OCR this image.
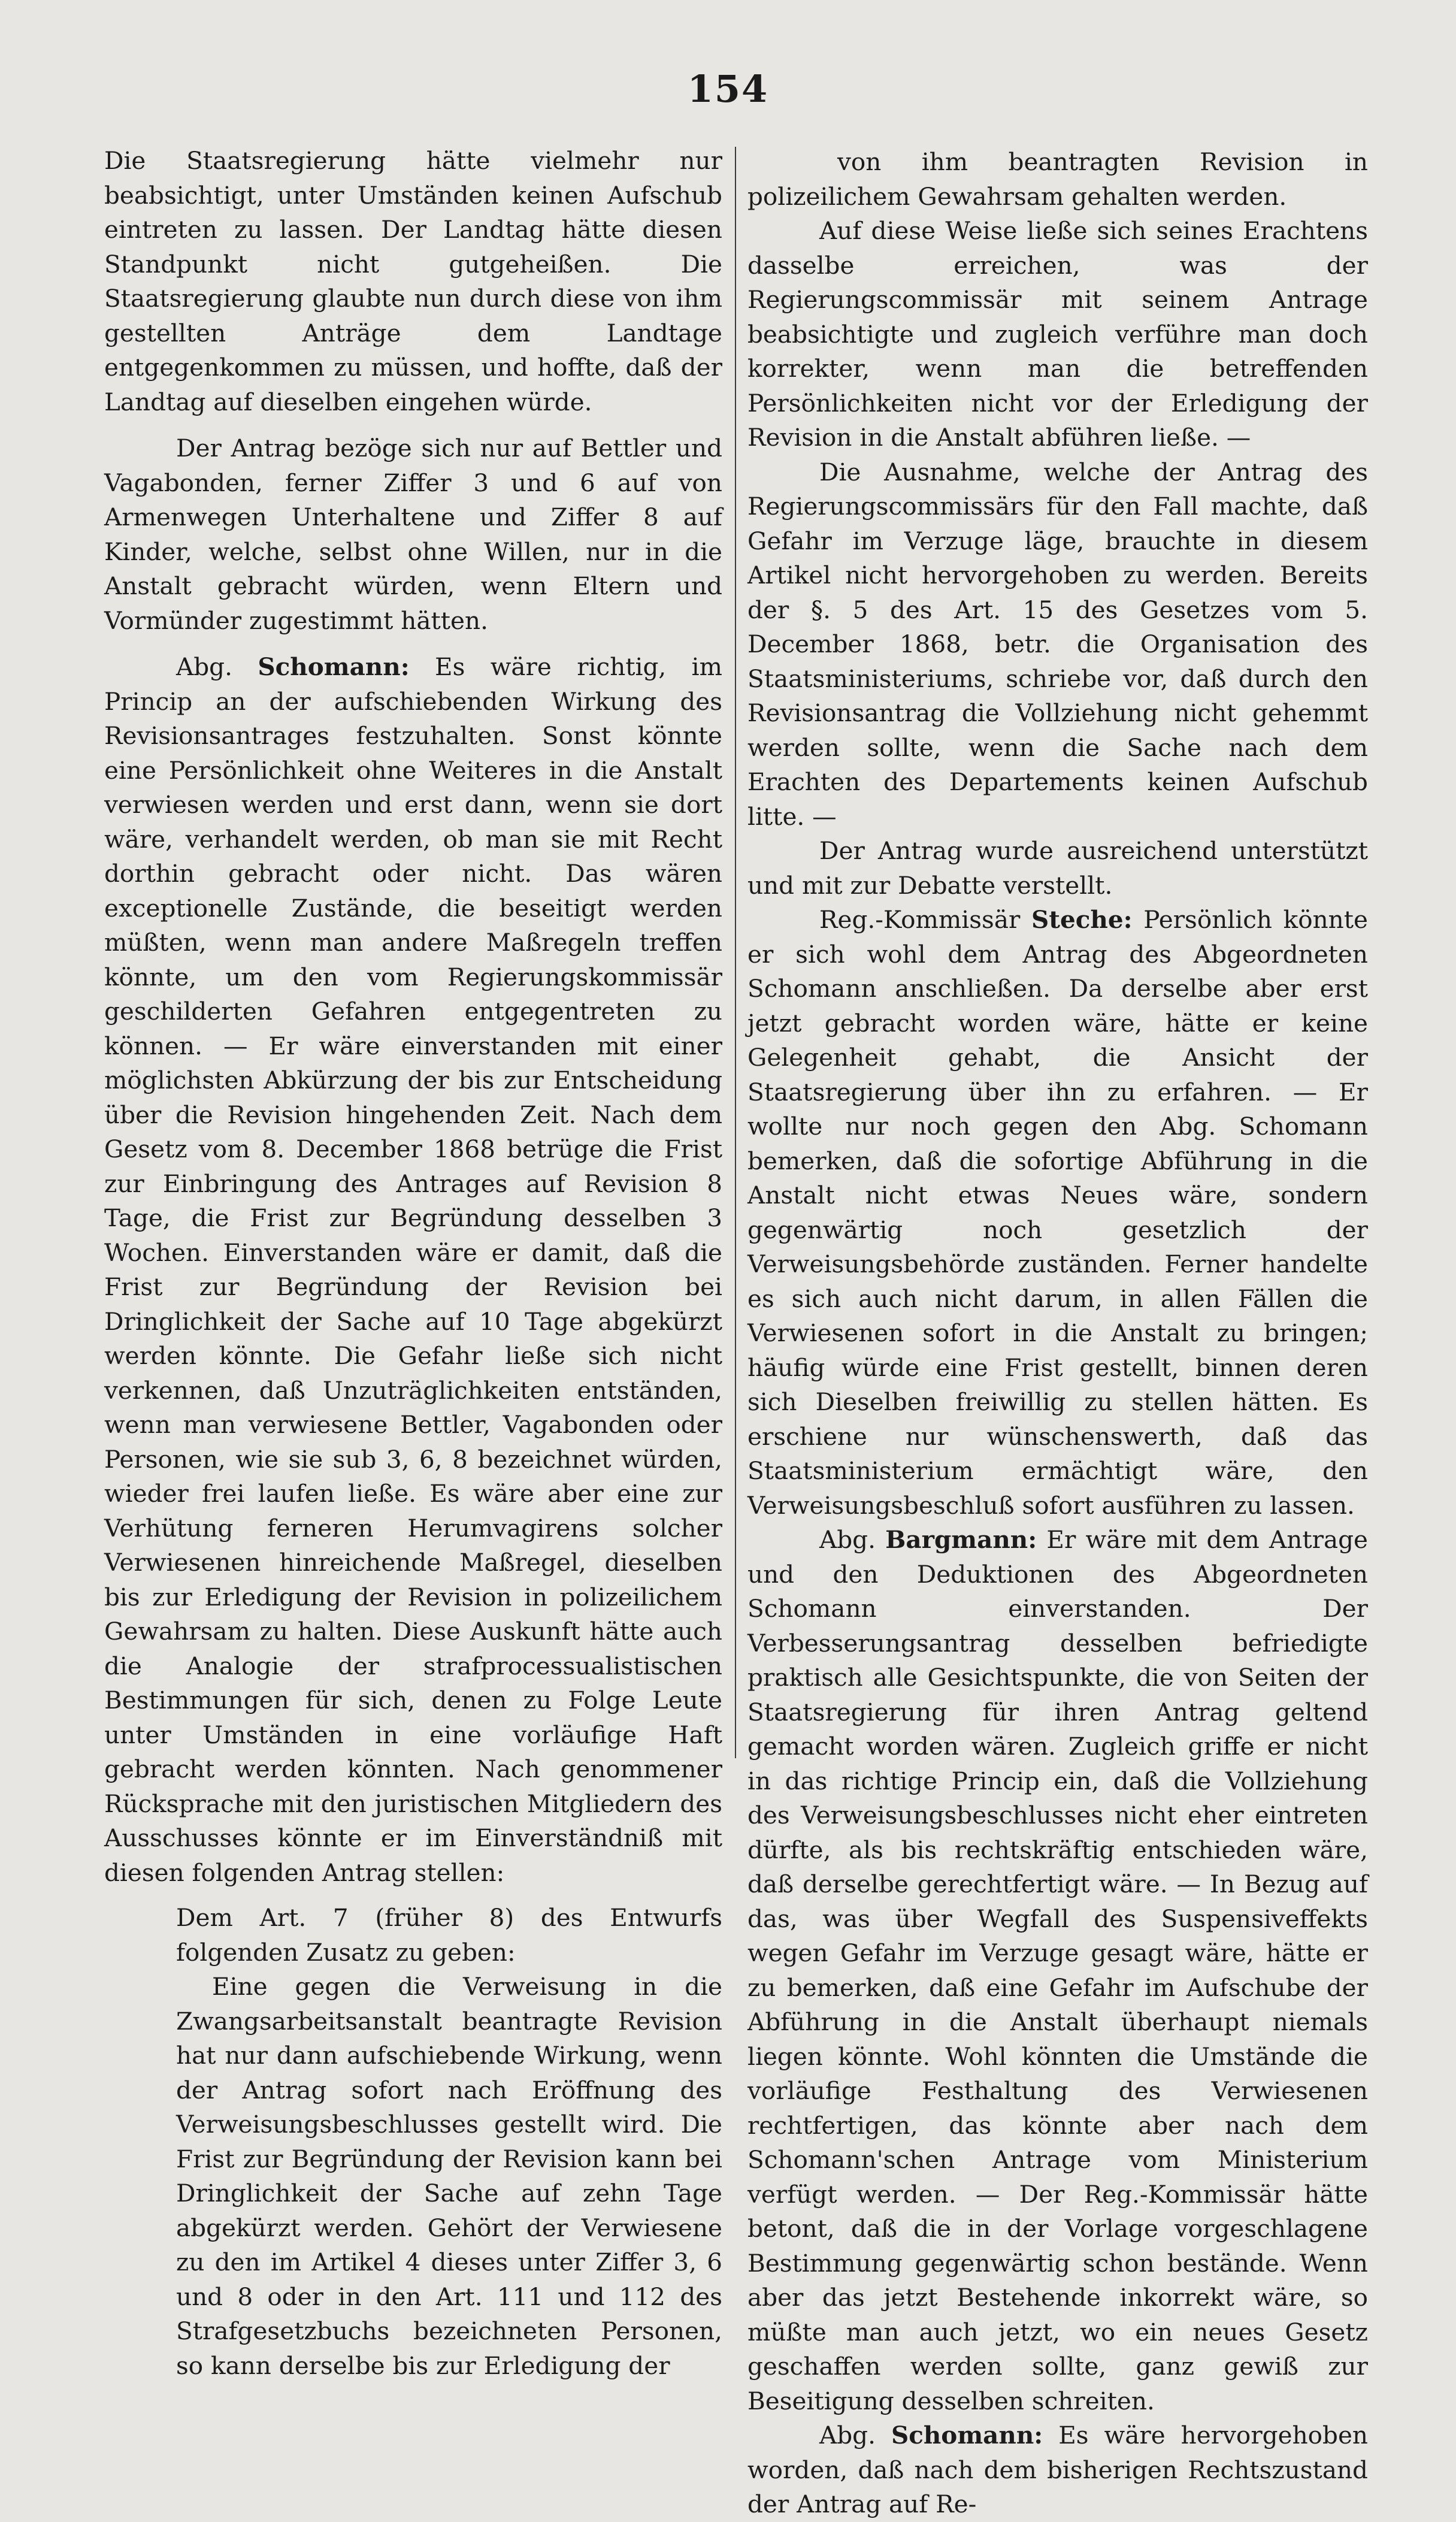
154

Die Staatsregierung hätte vielmehr nur beabsichtigt, unter Umständen keinen Aufschub eintreten zu lassen. Der Landtag hätte diesen Standpunkt nicht gutgeheißen. Die Staatsregierung glaubte nun durch diese von ihm gestellten Anträge dem Landtage entgegenkommen zu müssen, und hoffte, daß der Landtag auf dieselben eingehen würde.

Der Antrag bezöge sich nur auf Bettler und Vagabonden, ferner Ziffer 3 und 6 auf von Armenwegen Unterhaltene und Ziffer 8 auf Kinder, welche, selbst ohne Willen, nur in die Anstalt gebracht würden, wenn Eltern und Vormünder zugestimmt hätten.

Abg. Schomann: Es wäre richtig, im Princip an der aufschiebenden Wirkung des Revisionsantrages festzuhalten. Sonst könnte eine Persönlichkeit ohne Weiteres in die Anstalt verwiesen werden und erst dann, wenn sie dort wäre, verhandelt werden, ob man sie mit Recht dorthin gebracht oder nicht. Das wären exceptionelle Zustände, die beseitigt werden müßten, wenn man andere Maßregeln treffen könnte, um den vom Regierungskommissär geschilderten Gefahren entgegentreten zu können. — Er wäre einverstanden mit einer möglichsten Abkürzung der bis zur Entscheidung über die Revision hingehenden Zeit. Nach dem Gesetz vom 8. December 1868 betrüge die Frist zur Einbringung des Antrages auf Revision 8 Tage, die Frist zur Begründung desselben 3 Wochen. Einverstanden wäre er damit, daß die Frist zur Begründung der Revision bei Dringlichkeit der Sache auf 10 Tage abgekürzt werden könnte. Die Gefahr ließe sich nicht verkennen, daß Unzuträglichkeiten entständen, wenn man verwiesene Bettler, Vagabonden oder Personen, wie sie sub 3, 6, 8 bezeichnet würden, wieder frei laufen ließe. Es wäre aber eine zur Verhütung ferneren Herumvagirens solcher Verwiesenen hinreichende Maßregel, dieselben bis zur Erledigung der Revision in polizeilichem Gewahrsam zu halten. Diese Auskunft hätte auch die Analogie der strafprocessualistischen Bestimmungen für sich, denen zu Folge Leute unter Umständen in eine vorläufige Haft gebracht werden könnten. Nach genommener Rücksprache mit den juristischen Mitgliedern des Ausschusses könnte er im Einverständniß mit diesen folgenden Antrag stellen:

Dem Art. 7 (früher 8) des Entwurfs folgenden Zusatz zu geben:

Eine gegen die Verweisung in die Zwangsarbeitsanstalt beantragte Revision hat nur dann aufschiebende Wirkung, wenn der Antrag sofort nach Eröffnung des Verweisungsbeschlusses gestellt wird. Die Frist zur Begründung der Revision kann bei Dringlichkeit der Sache auf zehn Tage abgekürzt werden. Gehört der Verwiesene zu den im Artikel 4 dieses unter Ziffer 3, 6 und 8 oder in den Art. 111 und 112 des Strafgesetzbuchs bezeichneten Personen, so kann derselbe bis zur Erledigung der

von ihm beantragten Revision in polizeilichem Gewahrsam gehalten werden.

Auf diese Weise ließe sich seines Erachtens dasselbe erreichen, was der Regierungscommissär mit seinem Antrage beabsichtigte und zugleich verführe man doch korrekter, wenn man die betreffenden Persönlichkeiten nicht vor der Erledigung der Revision in die Anstalt abführen ließe. —

Die Ausnahme, welche der Antrag des Regierungscommissärs für den Fall machte, daß Gefahr im Verzuge läge, brauchte in diesem Artikel nicht hervorgehoben zu werden. Bereits der §. 5 des Art. 15 des Gesetzes vom 5. December 1868, betr. die Organisation des Staatsministeriums, schriebe vor, daß durch den Revisionsantrag die Vollziehung nicht gehemmt werden sollte, wenn die Sache nach dem Erachten des Departements keinen Aufschub litte. —

Der Antrag wurde ausreichend unterstützt und mit zur Debatte verstellt.

Reg.-Kommissär Steche: Persönlich könnte er sich wohl dem Antrag des Abgeordneten Schomann anschließen. Da derselbe aber erst jetzt gebracht worden wäre, hätte er keine Gelegenheit gehabt, die Ansicht der Staatsregierung über ihn zu erfahren. — Er wollte nur noch gegen den Abg. Schomann bemerken, daß die sofortige Abführung in die Anstalt nicht etwas Neues wäre, sondern gegenwärtig noch gesetzlich der Verweisungsbehörde zuständen. Ferner handelte es sich auch nicht darum, in allen Fällen die Verwiesenen sofort in die Anstalt zu bringen; häufig würde eine Frist gestellt, binnen deren sich Dieselben freiwillig zu stellen hätten. Es erschiene nur wünschenswerth, daß das Staatsministerium ermächtigt wäre, den Verweisungsbeschluß sofort ausführen zu lassen.

Abg. Bargmann: Er wäre mit dem Antrage und den Deduktionen des Abgeordneten Schomann einverstanden. Der Verbesserungsantrag desselben befriedigte praktisch alle Gesichtspunkte, die von Seiten der Staatsregierung für ihren Antrag geltend gemacht worden wären. Zugleich griffe er nicht in das richtige Princip ein, daß die Vollziehung des Verweisungsbeschlusses nicht eher eintreten dürfte, als bis rechtskräftig entschieden wäre, daß derselbe gerechtfertigt wäre. — In Bezug auf das, was über Wegfall des Suspensiveffekts wegen Gefahr im Verzuge gesagt wäre, hätte er zu bemerken, daß eine Gefahr im Aufschube der Abführung in die Anstalt überhaupt niemals liegen könnte. Wohl könnten die Umstände die vorläufige Festhaltung des Verwiesenen rechtfertigen, das könnte aber nach dem Schomann'schen Antrage vom Ministerium verfügt werden. — Der Reg.-Kommissär hätte betont, daß die in der Vorlage vorgeschlagene Bestimmung gegenwärtig schon bestände. Wenn aber das jetzt Bestehende inkorrekt wäre, so müßte man auch jetzt, wo ein neues Gesetz geschaffen werden sollte, ganz gewiß zur Beseitigung desselben schreiten.

Abg. Schomann: Es wäre hervorgehoben worden, daß nach dem bisherigen Rechtszustand der Antrag auf Re-
